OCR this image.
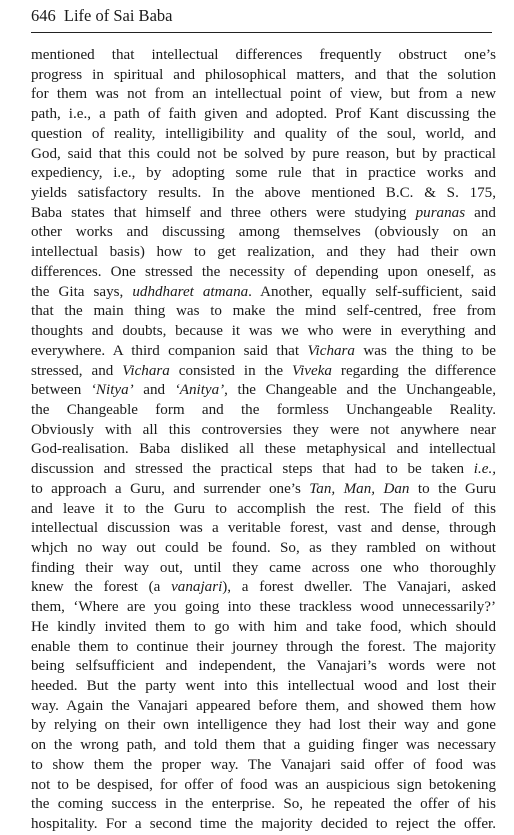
646 Life of Sai Baba
mentioned that intellectual differences frequently obstruct one’s
progress in spiritual and philosophical matters, and that the solution
for them was not from an intellectual point of view, but from a new
path, i.e., a path of faith given and adopted. Prof Kant discussing the
question of reality, intelligibility and quality of the soul, world, and
God, said that this could not be solved by pure reason, but by practical
expediency, i.e., by adopting some rule that in practice works and
yields satisfactory results. In the above mentioned B.C. & S. 175,
Baba states that himself and three others were studying puranas and
other works and discussing among themselves (obviously on an
intellectual basis) how to get realization, and they had their own
differences. One stressed the necessity of depending upon oneself, as
the Gita says, udhdharet atmana. Another, equally self-sufficient, said
that the main thing was to make the mind self-centred, free from
thoughts and doubts, because it was we who were in everything and
everywhere. A third companion said that Vichara was the thing to be
stressed, and Vichara consisted in the Viveka regarding the difference
between ‘Nitya’ and ‘Anitya’, the Changeable and the Unchangeable,
the Changeable form and the formless Unchangeable Reality.
Obviously with all this controversies they were not anywhere near
God-realisation. Baba disliked all these metaphysical and intellectual
discussion and stressed the practical steps that had to be taken i.e.,
to approach a Guru, and surrender one’s Tan, Man, Dan to the Guru
and leave it to the Guru to accomplish the rest. The field of this
intellectual discussion was a veritable forest, vast and dense, through
whjch no way out could be found. So, as they rambled on without
finding their way out, until they came across one who thoroughly
knew the forest (a vanajari), a forest dweller. The Vanajari, asked
them, ‘Where are you going into these trackless wood unnecessarily?’
He kindly invited them to go with him and take food, which should
enable them to continue their journey through the forest. The majority
being selfsufficient and independent, the Vanajari’s words were not
heeded. But the party went into this intellectual wood and lost their
way. Again the Vanajari appeared before them, and showed them how
by relying on their own intelligence they had lost their way and gone
on the wrong path, and told them that a guiding finger was necessary
to show them the proper way. The Vanajari said offer of food was
not to be despised, for offer of food was an auspicious sign betokening
the coming success in the enterprise. So, he repeated the offer of his
hospitality. For a second time the majority decided to reject the offer.
